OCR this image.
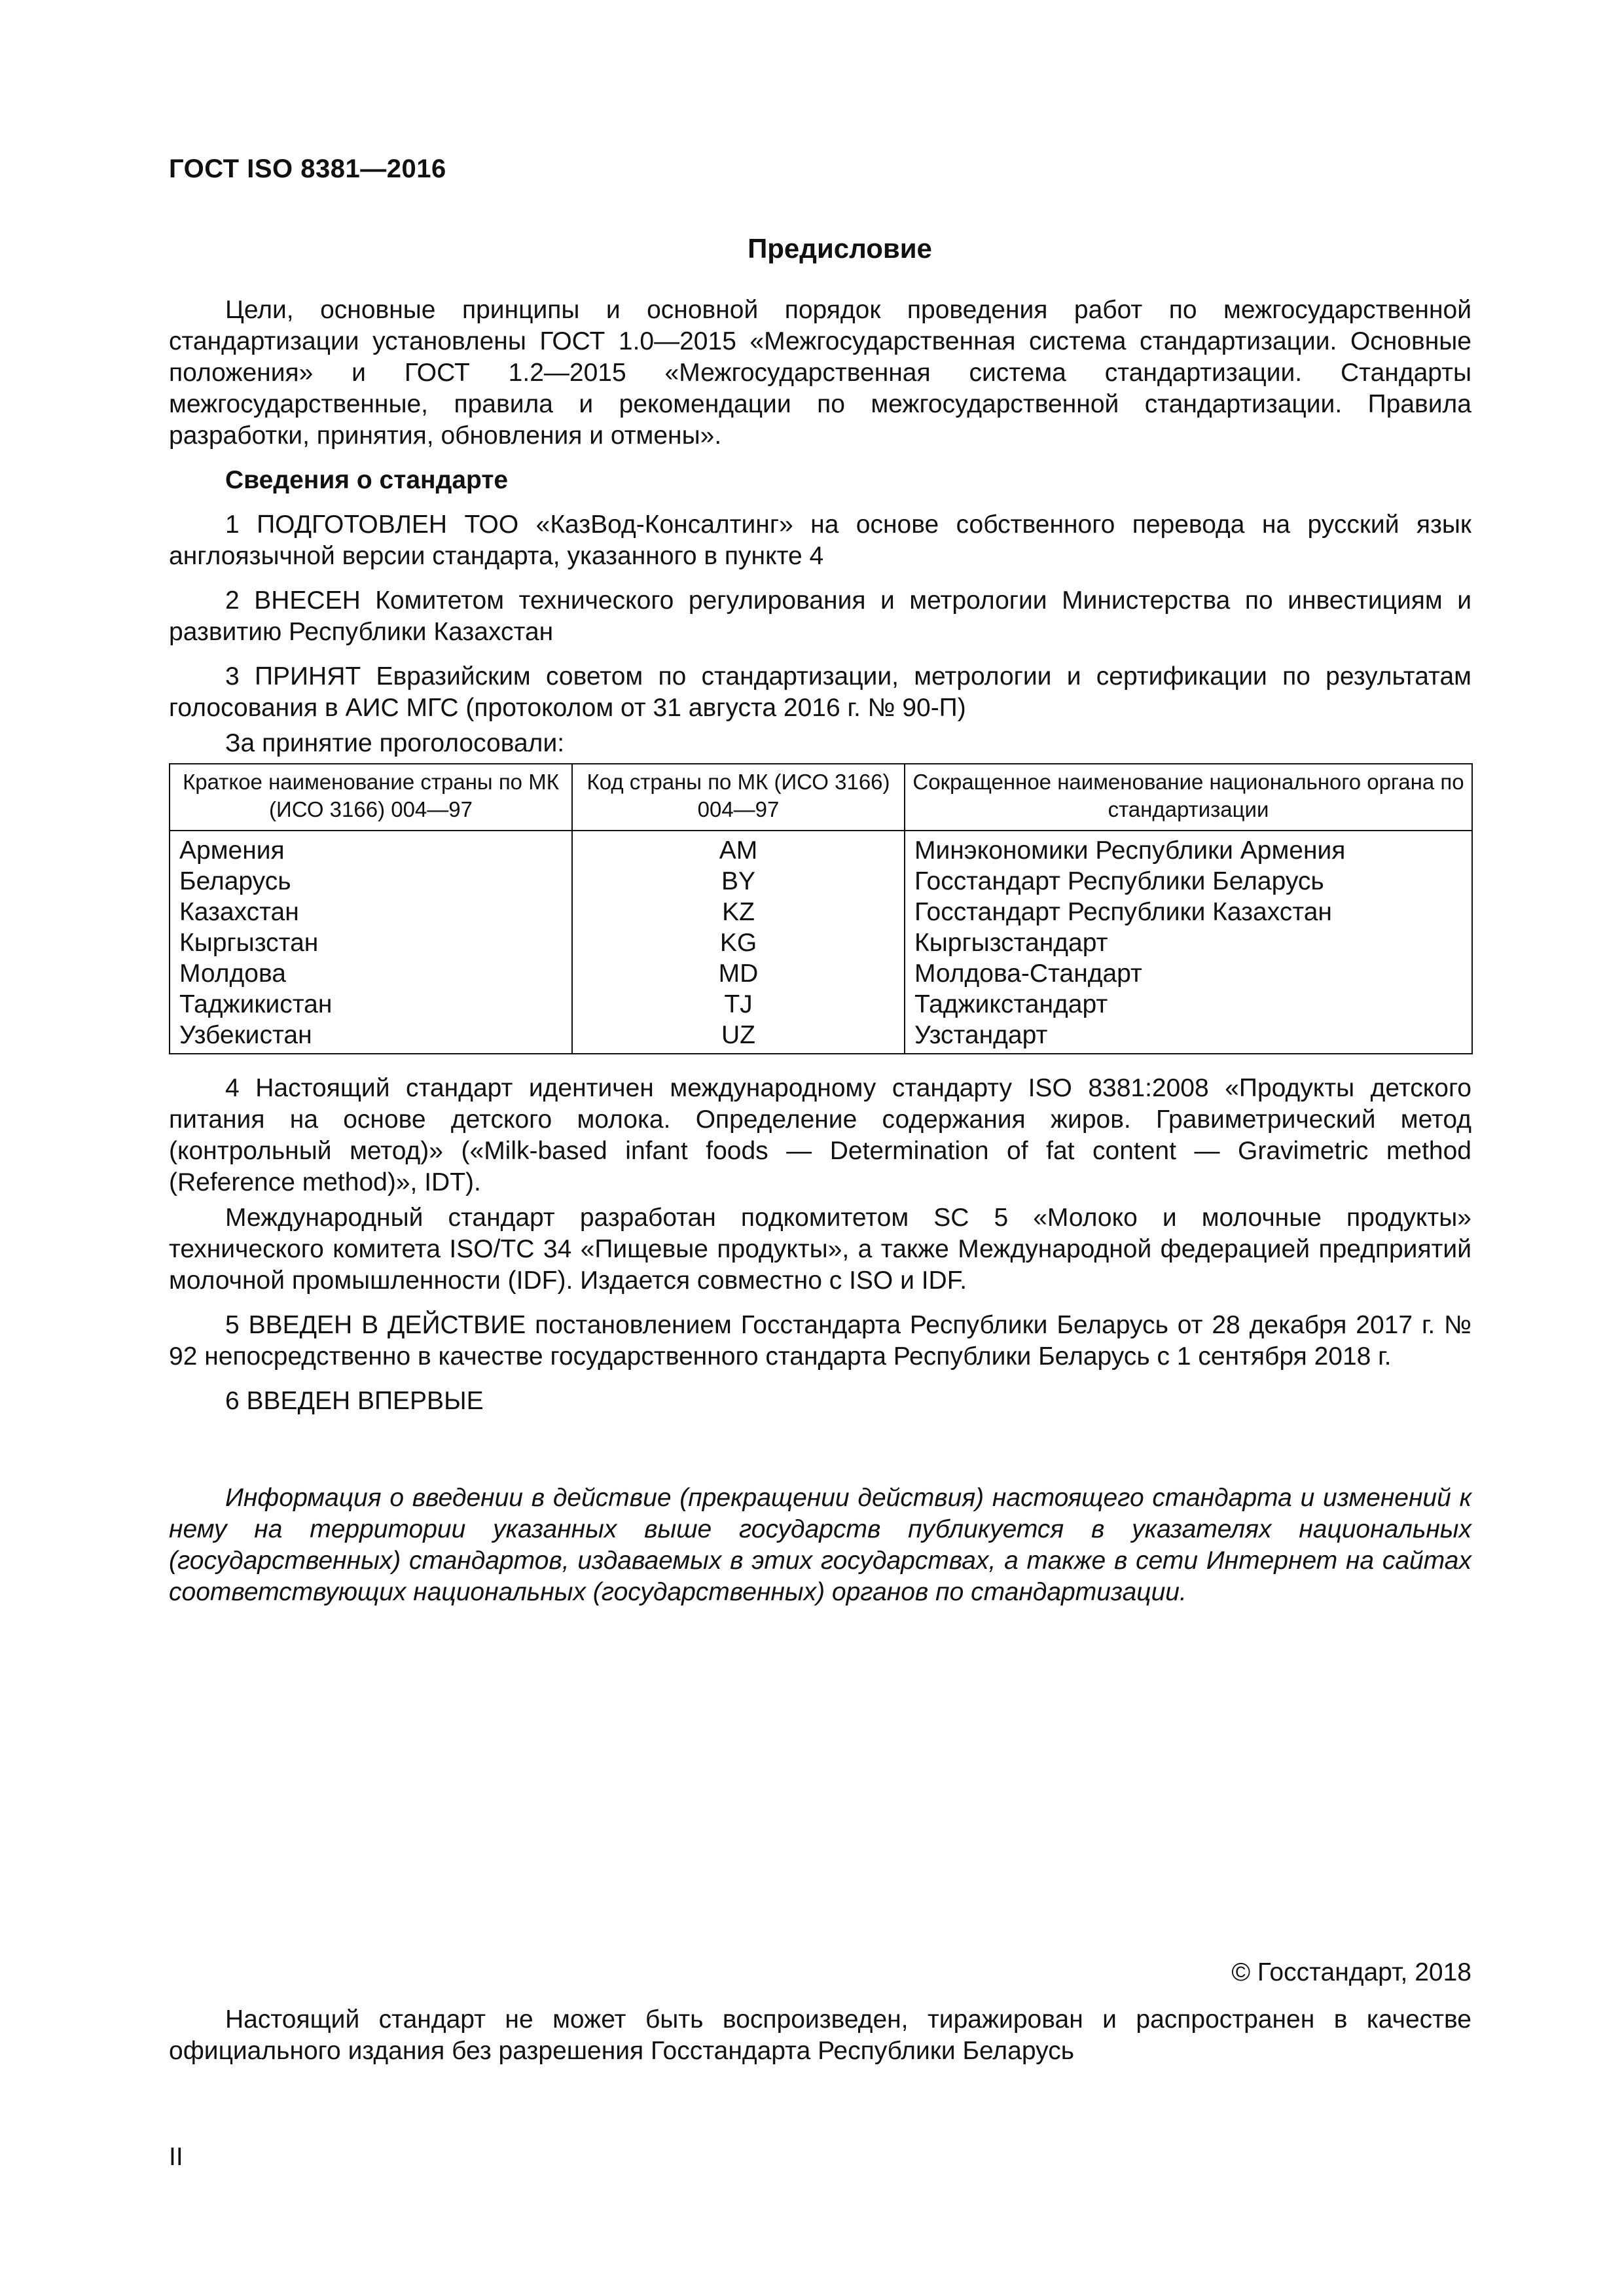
ГОСТ ISO 8381—2016
Предисловие

Цели, основные принципы и основной порядок проведения работ по межгосударственной стандартизации установлены ГОСТ 1.0—2015 «Межгосударственная система стандартизации. Основные положения» и ГОСТ 1.2—2015 «Межгосударственная система стандартизации. Стандарты межгосударственные, правила и рекомендации по межгосударственной стандартизации. Правила разработки, принятия, обновления и отмены».

Сведения о стандарте

1 ПОДГОТОВЛЕН ТОО «КазВод-Консалтинг» на основе собственного перевода на русский язык англоязычной версии стандарта, указанного в пункте 4

2 ВНЕСЕН Комитетом технического регулирования и метрологии Министерства по инвестициям и развитию Республики Казахстан

3 ПРИНЯТ Евразийским советом по стандартизации, метрологии и сертификации по результатам голосования в АИС МГС (протоколом от 31 августа 2016 г. № 90-П)

За принятие проголосовали:

Краткое наименование страны по МК (ИСО 3166) 004—97	Код страны по МК (ИСО 3166) 004—97	Сокращенное наименование национального органа по стандартизации
Армения	AM	Минэкономики Республики Армения
Беларусь	BY	Госстандарт Республики Беларусь
Казахстан	KZ	Госстандарт Республики Казахстан
Кыргызстан	KG	Кыргызстандарт
Молдова	MD	Молдова-Стандарт
Таджикистан	TJ	Таджикстандарт
Узбекистан	UZ	Узстандарт

4 Настоящий стандарт идентичен международному стандарту ISO 8381:2008 «Продукты детского питания на основе детского молока. Определение содержания жиров. Гравиметрический метод (контрольный метод)» («Milk-based infant foods — Determination of fat content — Gravimetric method (Reference method)», IDT).

Международный стандарт разработан подкомитетом SC 5 «Молоко и молочные продукты» технического комитета ISO/TC 34 «Пищевые продукты», а также Международной федерацией предприятий молочной промышленности (IDF). Издается совместно с ISO и IDF.

5 ВВЕДЕН В ДЕЙСТВИЕ постановлением Госстандарта Республики Беларусь от 28 декабря 2017 г. № 92 непосредственно в качестве государственного стандарта Республики Беларусь с 1 сентября 2018 г.

6 ВВЕДЕН ВПЕРВЫЕ

Информация о введении в действие (прекращении действия) настоящего стандарта и изменений к нему на территории указанных выше государств публикуется в указателях национальных (государственных) стандартов, издаваемых в этих государствах, а также в сети Интернет на сайтах соответствующих национальных (государственных) органов по стандартизации.

© Госстандарт, 2018

Настоящий стандарт не может быть воспроизведен, тиражирован и распространен в качестве официального издания без разрешения Госстандарта Республики Беларусь

II
